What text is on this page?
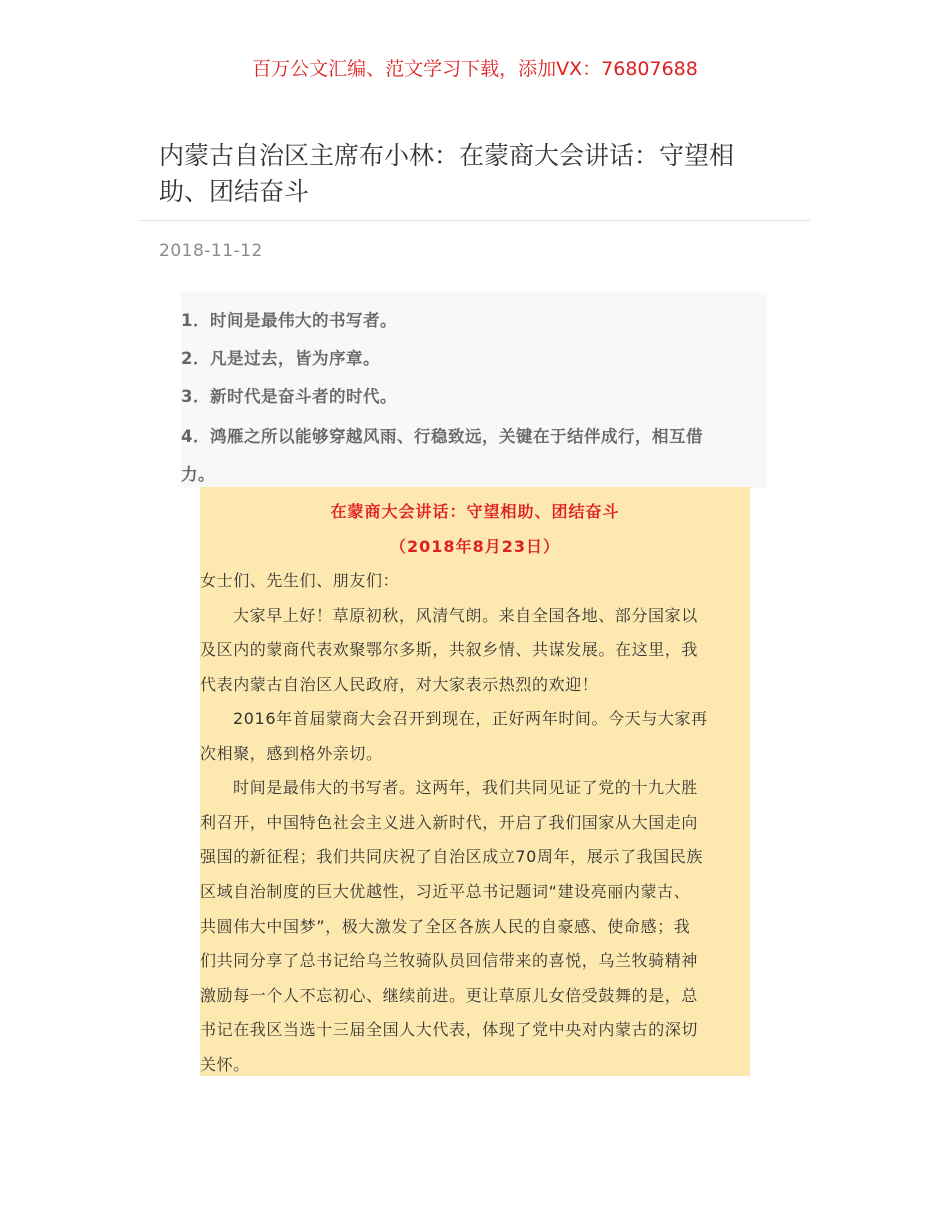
百万公文汇编、范文学习下载，添加VX：76807688
内蒙古自治区主席布小林：在蒙商大会讲话：守望相助、团结奋斗
2018-11-12
1．时间是最伟大的书写者。
2．凡是过去，皆为序章。
3．新时代是奋斗者的时代。
4．鸿雁之所以能够穿越风雨、行稳致远，关键在于结伴成行，相互借
力。
在蒙商大会讲话：守望相助、团结奋斗
（2018年8月23日）
女士们、先生们、朋友们：
大家早上好！草原初秋，风清气朗。来自全国各地、部分国家以
及区内的蒙商代表欢聚鄂尔多斯，共叙乡情、共谋发展。在这里，我
代表内蒙古自治区人民政府，对大家表示热烈的欢迎！
2016年首届蒙商大会召开到现在，正好两年时间。今天与大家再
次相聚，感到格外亲切。
时间是最伟大的书写者。这两年，我们共同见证了党的十九大胜
利召开，中国特色社会主义进入新时代，开启了我们国家从大国走向
强国的新征程；我们共同庆祝了自治区成立70周年，展示了我国民族
区域自治制度的巨大优越性，习近平总书记题词“建设亮丽内蒙古、
共圆伟大中国梦”，极大激发了全区各族人民的自豪感、使命感；我
们共同分享了总书记给乌兰牧骑队员回信带来的喜悦，乌兰牧骑精神
激励每一个人不忘初心、继续前进。更让草原儿女倍受鼓舞的是，总
书记在我区当选十三届全国人大代表，体现了党中央对内蒙古的深切
关怀。
